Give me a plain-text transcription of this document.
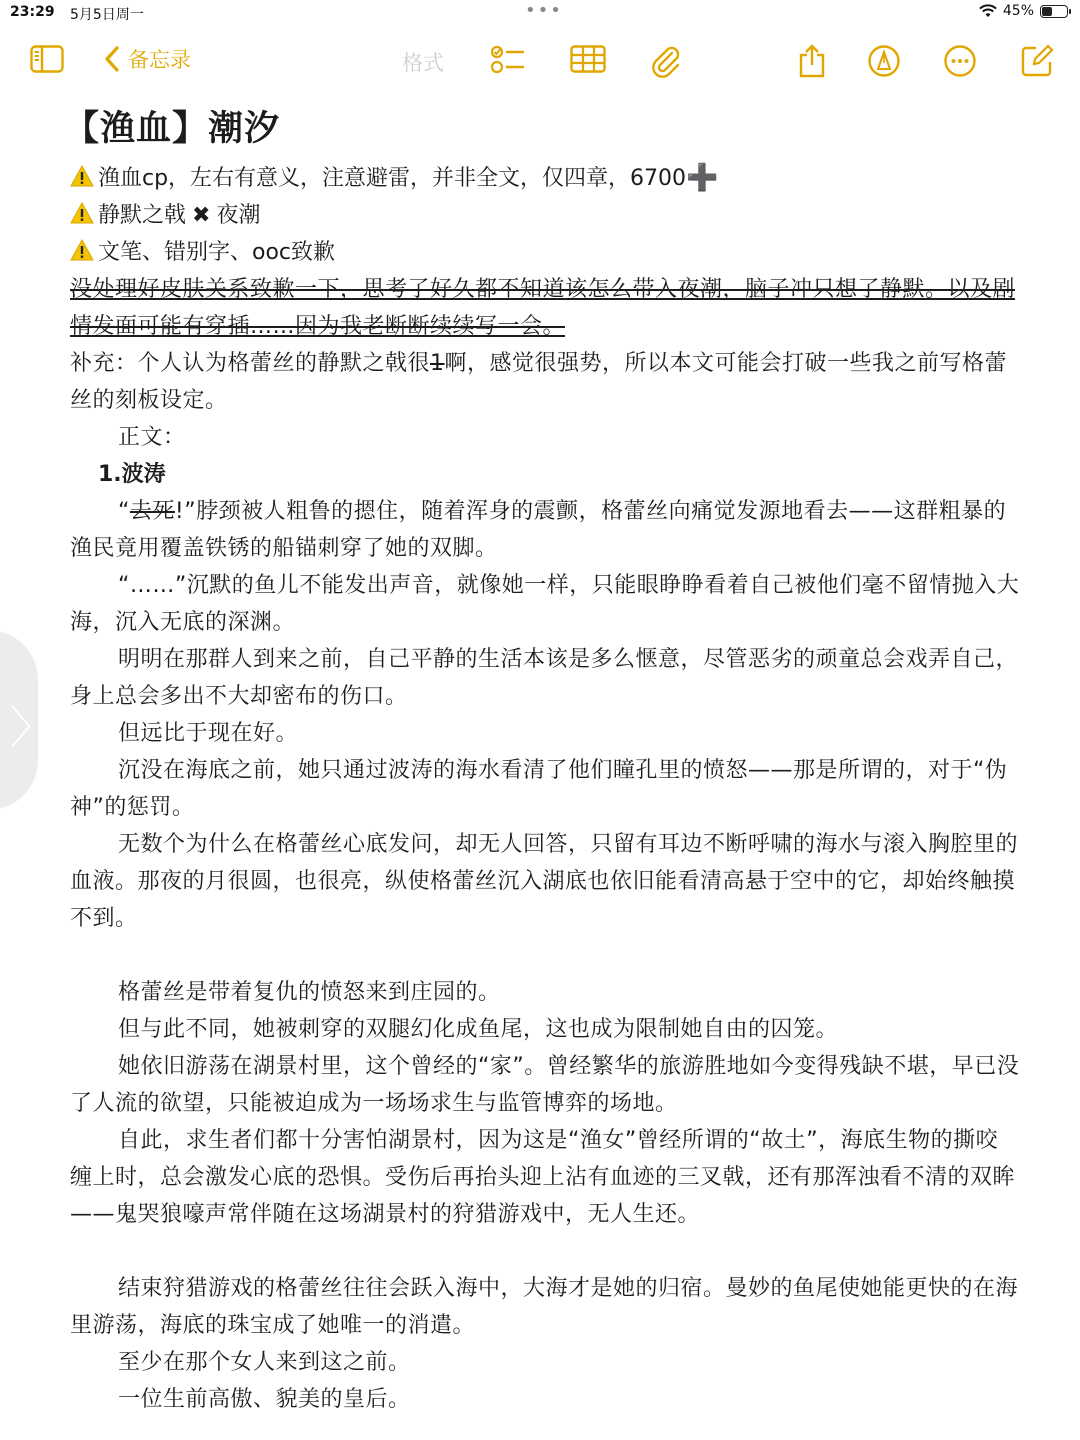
23:29 5月5日周一	•••	45%
备忘录	格式
〉
【渔血】潮汐
渔血cp，左右有意义，注意避雷，并非全文，仅四章，6700➕
静默之戟 ✖ 夜潮
文笔、错别字、ooc致歉
没处理好皮肤关系致歉一下，思考了好久都不知道该怎么带入夜潮，脑子冲只想了静默。以及剧情发面可能有穿插……因为我老断断续续写一会。
补充：个人认为格蕾丝的静默之戟很1啊，感觉很强势，所以本文可能会打破一些我之前写格蕾丝的刻板设定。
正文：
1.波涛
“去死!”脖颈被人粗鲁的摁住，随着浑身的震颤，格蕾丝向痛觉发源地看去——这群粗暴的渔民竟用覆盖铁锈的船锚刺穿了她的双脚。
“……”沉默的鱼儿不能发出声音，就像她一样，只能眼睁睁看着自己被他们毫不留情抛入大海，沉入无底的深渊。
明明在那群人到来之前，自己平静的生活本该是多么惬意，尽管恶劣的顽童总会戏弄自己，身上总会多出不大却密布的伤口。
但远比于现在好。
沉没在海底之前，她只通过波涛的海水看清了他们瞳孔里的愤怒——那是所谓的，对于“伪神”的惩罚。
无数个为什么在格蕾丝心底发问，却无人回答，只留有耳边不断呼啸的海水与滚入胸腔里的血液。那夜的月很圆，也很亮，纵使格蕾丝沉入湖底也依旧能看清高悬于空中的它，却始终触摸不到。
格蕾丝是带着复仇的愤怒来到庄园的。
但与此不同，她被刺穿的双腿幻化成鱼尾，这也成为限制她自由的囚笼。
她依旧游荡在湖景村里，这个曾经的“家”。曾经繁华的旅游胜地如今变得残缺不堪，早已没了人流的欲望，只能被迫成为一场场求生与监管博弈的场地。
自此，求生者们都十分害怕湖景村，因为这是“渔女”曾经所谓的“故土”，海底生物的撕咬缠上时，总会激发心底的恐惧。受伤后再抬头迎上沾有血迹的三叉戟，还有那浑浊看不清的双眸——鬼哭狼嚎声常伴随在这场湖景村的狩猎游戏中，无人生还。
结束狩猎游戏的格蕾丝往往会跃入海中，大海才是她的归宿。曼妙的鱼尾使她能更快的在海里游荡，海底的珠宝成了她唯一的消遣。
至少在那个女人来到这之前。
一位生前高傲、貌美的皇后。
